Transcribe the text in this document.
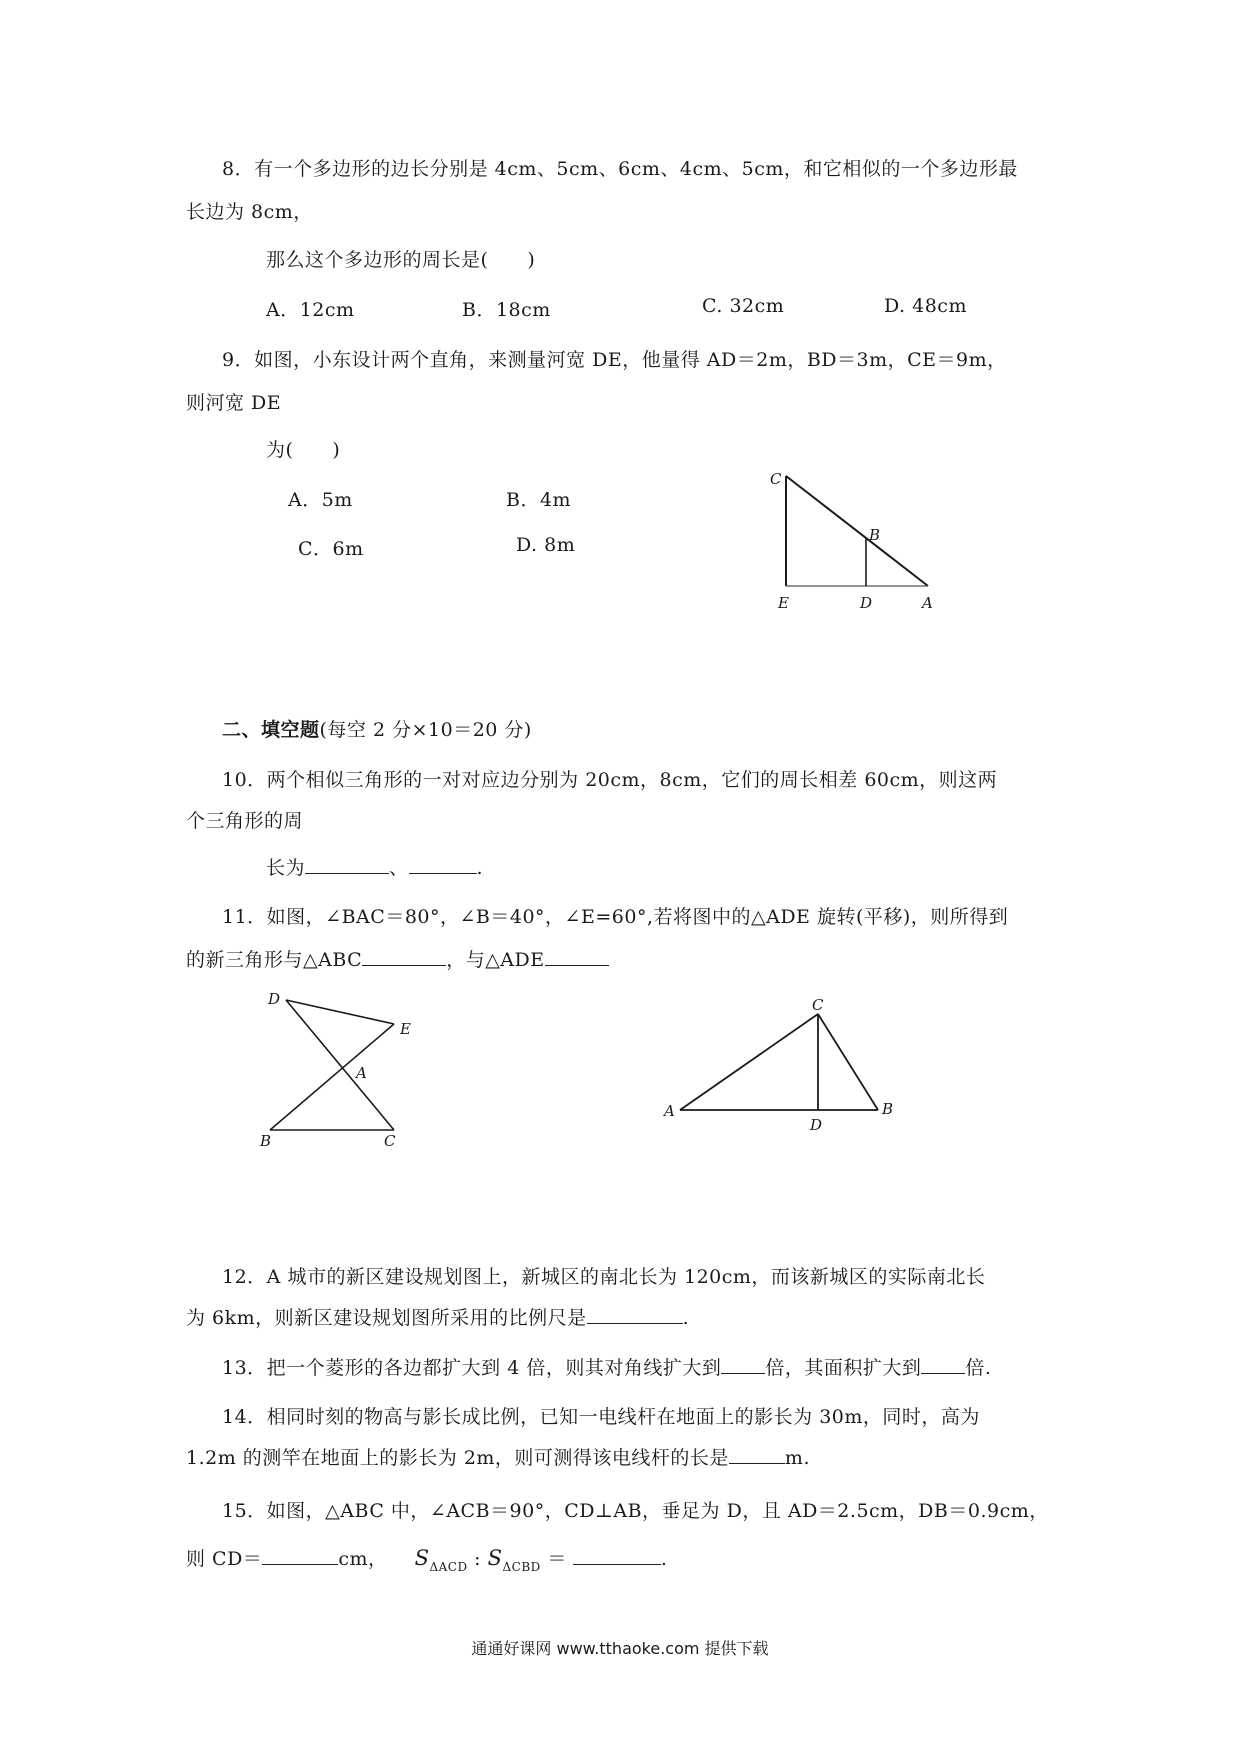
8．有一个多边形的边长分别是 4cm、5cm、6cm、4cm、5cm，和它相似的一个多边形最
长边为 8cm，
那么这个多边形的周长是(　　)
A．12cm	B．18cm	C. 32cm	D. 48cm
9．如图，小东设计两个直角，来测量河宽 DE，他量得 AD＝2m，BD＝3m，CE＝9m，
则河宽 DE
为(　　)
A．5m	B．4m
C．6m	D. 8m
C
B
E	D	A
二、填空题(每空 2 分×10＝20 分)
10．两个相似三角形的一对对应边分别为 20cm，8cm，它们的周长相差 60cm，则这两
个三角形的周
长为	、	.
11．如图，∠BAC＝80°，∠B＝40°，∠E=60°,若将图中的△ADE 旋转(平移)，则所得到
的新三角形与△ABC	，与△ADE
D
E
A
B	C
C
A
D
B
12．A 城市的新区建设规划图上，新城区的南北长为 120cm，而该新城区的实际南北长
为 6km，则新区建设规划图所采用的比例尺是	.
13．把一个菱形的各边都扩大到 4 倍，则其对角线扩大到 倍，其面积扩大到 倍.
14．相同时刻的物高与影长成比例，已知一电线杆在地面上的影长为 30m，同时，高为
1.2m 的测竿在地面上的影长为 2m，则可测得该电线杆的长是	m.
15．如图，△ABC 中，∠ACB＝90°，CD⊥AB，垂足为 D，且 AD＝2.5cm，DB＝0.9cm，
则 CD＝	cm， $S_{\Delta ACD}$ : $S_{\Delta CBD}$ ＝	.
通通好课网 www.tthaoke.com 提供下载
